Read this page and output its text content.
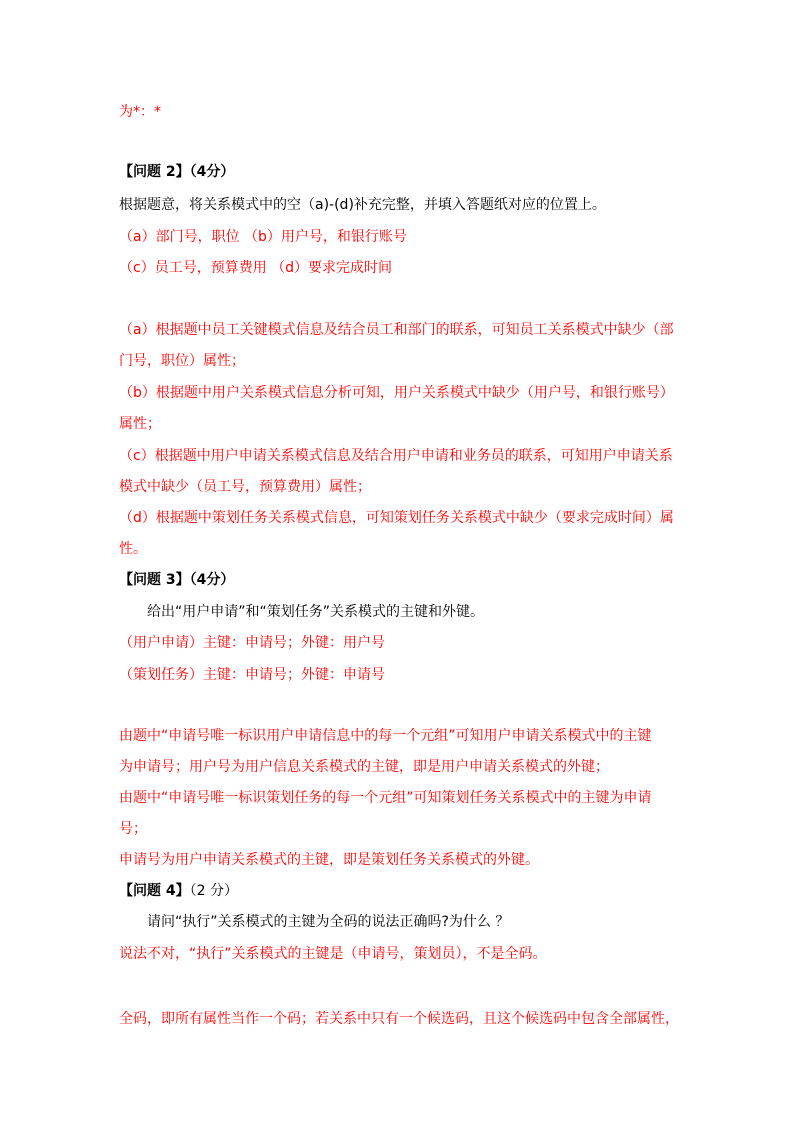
为*：*
【问题 2】（4分）
根据题意，将关系模式中的空（a)-(d)补充完整，并填入答题纸对应的位置上。
（a）部门号，职位 （b）用户号，和银行账号
（c）员工号，预算费用 （d）要求完成时间
（a）根据题中员工关键模式信息及结合员工和部门的联系，可知员工关系模式中缺少（部
门号，职位）属性；
（b）根据题中用户关系模式信息分析可知，用户关系模式中缺少（用户号，和银行账号）
属性；
（c）根据题中用户申请关系模式信息及结合用户申请和业务员的联系，可知用户申请关系
模式中缺少（员工号，预算费用）属性；
（d）根据题中策划任务关系模式信息，可知策划任务关系模式中缺少（要求完成时间）属
性。
【问题 3】（4分）
给出“用户申请”和“策划任务”关系模式的主键和外键。
（用户申请）主键：申请号；外键：用户号
（策划任务）主键：申请号；外键：申请号
由题中“申请号唯一标识用户申请信息中的每一个元组”可知用户申请关系模式中的主键
为申请号；用户号为用户信息关系模式的主键，即是用户申请关系模式的外键；
由题中“申请号唯一标识策划任务的每一个元组”可知策划任务关系模式中的主键为申请
号；
申请号为用户申请关系模式的主键，即是策划任务关系模式的外键。
【问题 4】（2 分）
请问“执行”关系模式的主键为全码的说法正确吗?为什么 ？
说法不对，“执行”关系模式的主键是（申请号，策划员），不是全码。
全码，即所有属性当作一个码；若关系中只有一个候选码，且这个候选码中包含全部属性，
